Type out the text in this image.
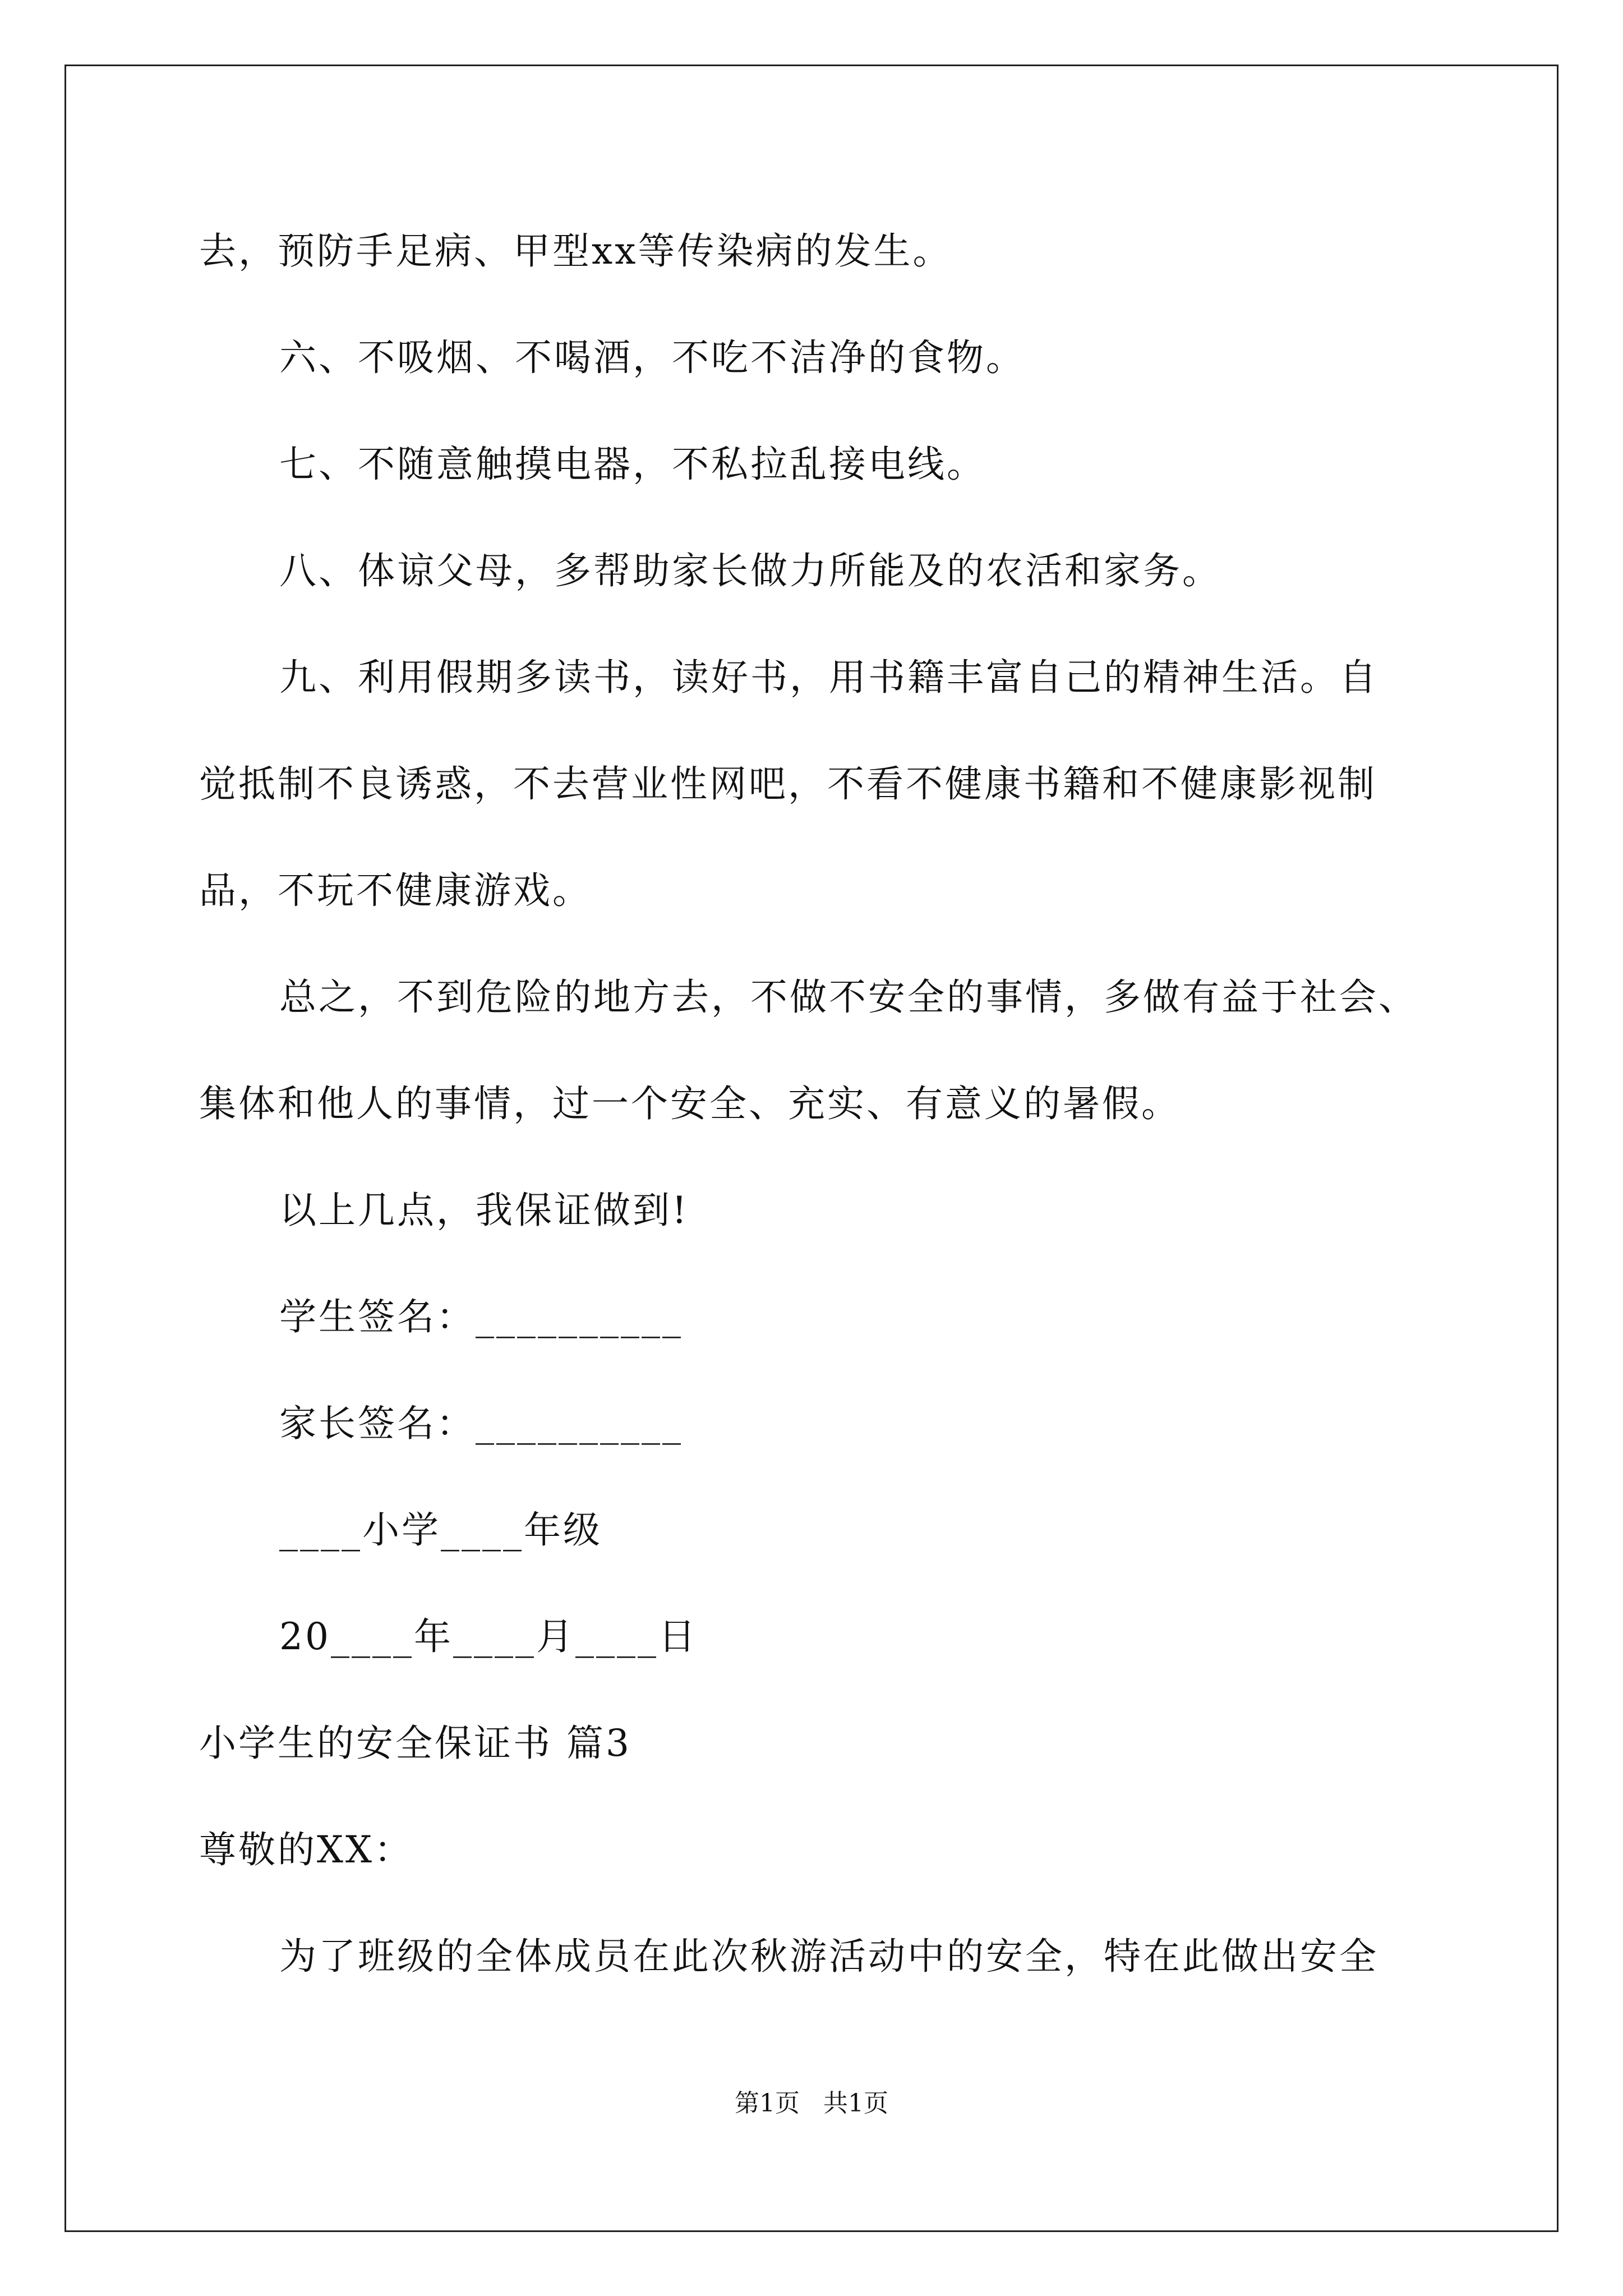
去，预防手足病、甲型xx等传染病的发生。
六、不吸烟、不喝酒，不吃不洁净的食物。
七、不随意触摸电器，不私拉乱接电线。
八、体谅父母，多帮助家长做力所能及的农活和家务。
九、利用假期多读书，读好书，用书籍丰富自己的精神生活。自
觉抵制不良诱惑，不去营业性网吧，不看不健康书籍和不健康影视制
品，不玩不健康游戏。
总之，不到危险的地方去，不做不安全的事情，多做有益于社会、
集体和他人的事情，过一个安全、充实、有意义的暑假。
以上几点，我保证做到!
学生签名：__________
家长签名：__________
____小学____年级
20____年____月____日
小学生的安全保证书 篇3
尊敬的XX：
为了班级的全体成员在此次秋游活动中的安全，特在此做出安全
第1页   共1页
